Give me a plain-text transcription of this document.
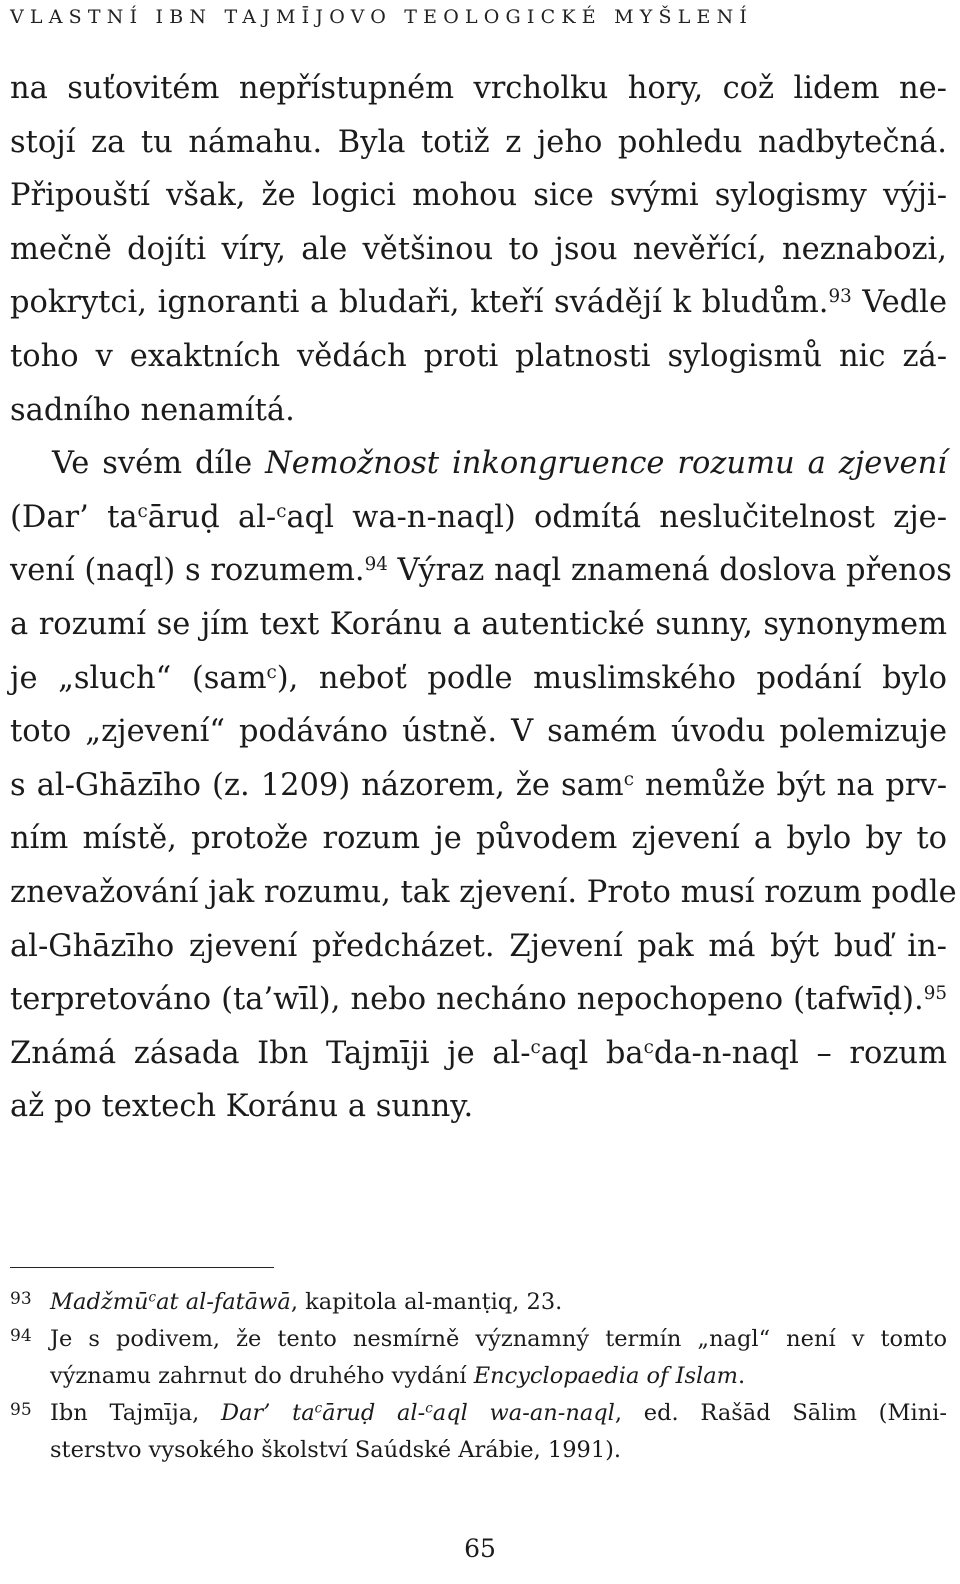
VLASTNÍ IBN TAJMĪJOVO TEOLOGICKÉ MYŠLENÍ
na suťovitém nepřístupném vrcholku hory, což lidem ne-
stojí za tu námahu. Byla totiž z jeho pohledu nadbytečná.
Připouští však, že logici mohou sice svými sylogismy výji-
mečně dojíti víry, ale většinou to jsou nevěřící, neznabozi,
pokrytci, ignoranti a bludaři, kteří svádějí k bludům.$^{93}$ Vedle
toho v exaktních vědách proti platnosti sylogismů nic zá-
sadního nenamítá.
Ve svém díle Nemožnost inkongruence rozumu a zjevení
(Dar’ $ta^cāruḍ$ al-$^c$aql wa-n-naql) odmítá neslučitelnost zje-
vení (naql) s rozumem.$^{94}$ Výraz naql znamená doslova přenos
a rozumí se jím text Koránu a autentické sunny, synonymem
je „sluch“ (sam$^c$), neboť podle muslimského podání bylo
toto „zjevení“ podáváno ústně. V samém úvodu polemizuje
s al-Ghāzīho (z. 1209) názorem, že sam$^c$ nemůže být na prv-
ním místě, protože rozum je původem zjevení a bylo by to
znevažování jak rozumu, tak zjevení. Proto musí rozum podle
al-Ghāzīho zjevení předcházet. Zjevení pak má být buď in-
terpretováno (ta’wīl), nebo necháno nepochopeno (tafwīḍ).$^{95}$
Známá zásada Ibn Tajmīji je al-$^c$aql $ba^cda-n$-naql – rozum
až po textech Koránu a sunny.
93 Madžmū$^c$at al-fatāwā, kapitola al-manṭiq, 23.
94 Je s podivem, že tento nesmírně významný termín „nagl“ není v tomto
významu zahrnut do druhého vydání Encyclopaedia of Islam.
95 Ibn Tajmīja, Dar’ $ta^cāruḍ$ al-$^c$aql wa-an-naql, ed. Rašād Sālim (Mini-
sterstvo vysokého školství Saúdské Arábie, 1991).
65
